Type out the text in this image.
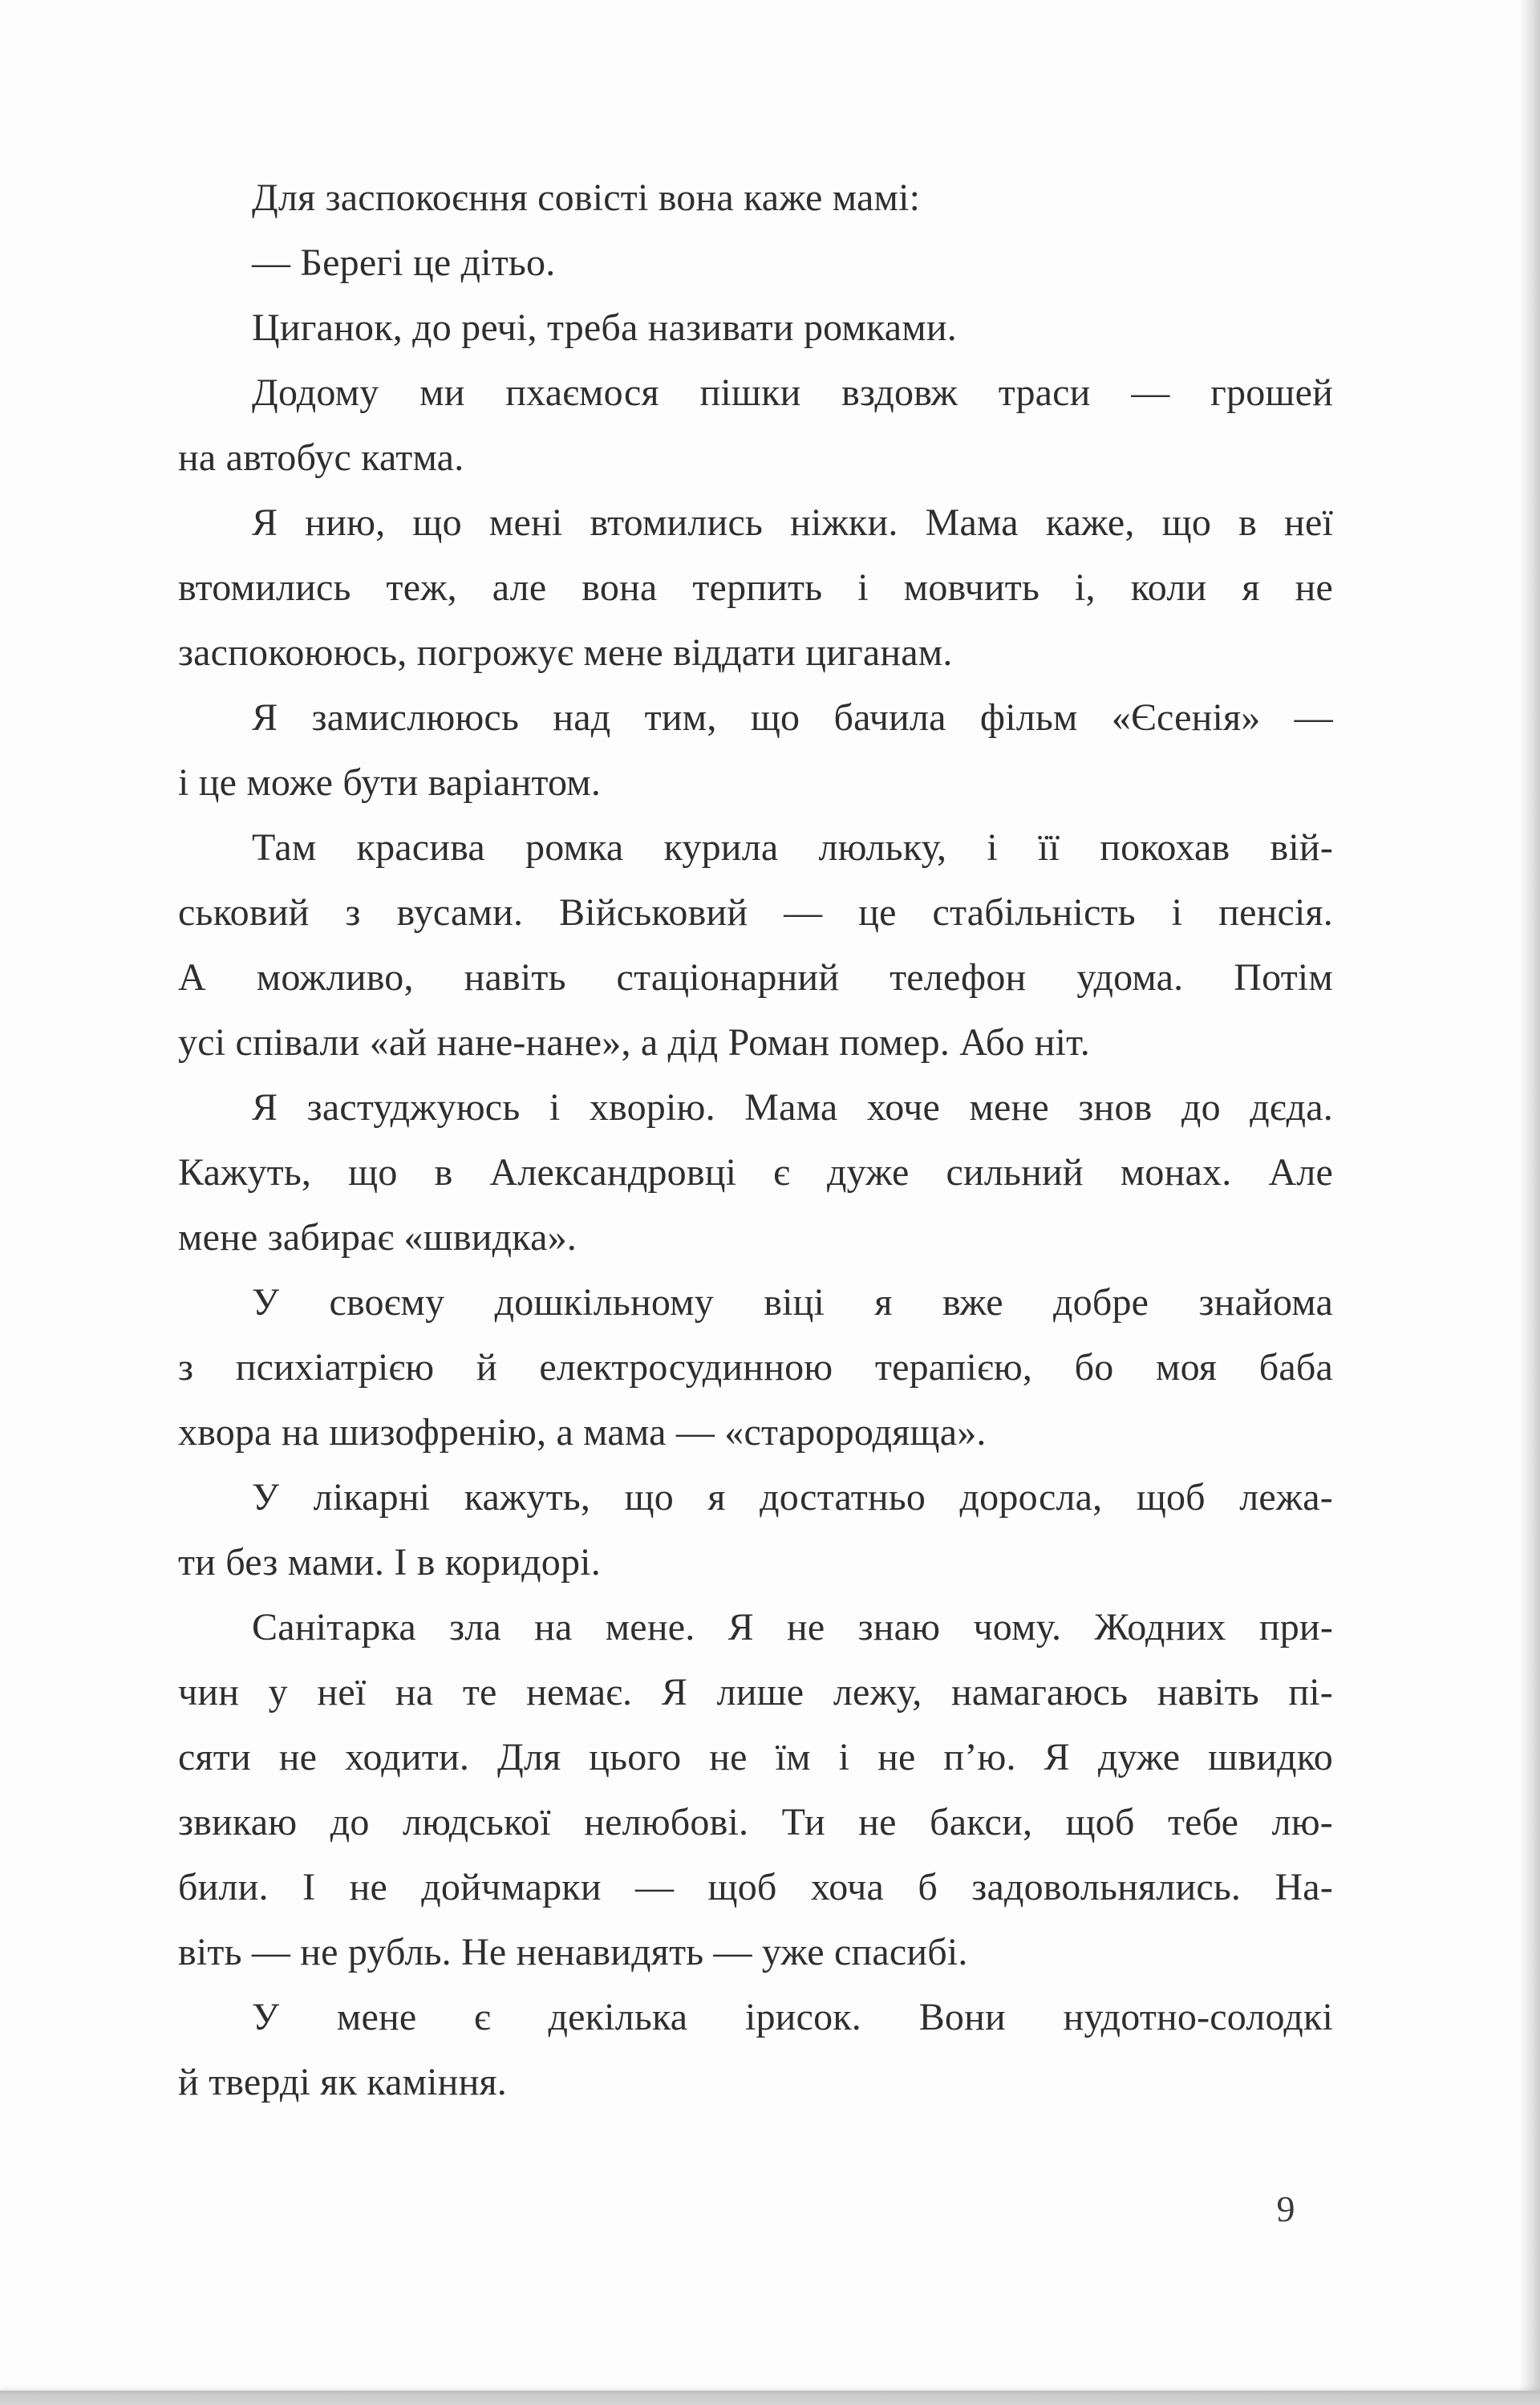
Для заспокоєння совісті вона каже мамі:
— Берегі це дітьо.
Циганок, до речі, треба називати ромками.
Додому ми пхаємося пішки вздовж траси — грошей
на автобус катма.
Я нию, що мені втомились ніжки. Мама каже, що в неї
втомились теж, але вона терпить і мовчить і, коли я не
заспокоююсь, погрожує мене віддати циганам.
Я замислююсь над тим, що бачила фільм «Єсенія» —
і це може бути варіантом.
Там красива ромка курила люльку, і її покохав вій-
ськовий з вусами. Військовий — це стабільність і пенсія.
А можливо, навіть стаціонарний телефон удома. Потім
усі співали «ай нане-нане», а дід Роман помер. Або ніт.
Я застуджуюсь і хворію. Мама хоче мене знов до дєда.
Кажуть, що в Александровці є дуже сильний монах. Але
мене забирає «швидка».
У своєму дошкільному віці я вже добре знайома
з психіатрією й електросудинною терапією, бо моя баба
хвора на шизофренію, а мама — «старородяща».
У лікарні кажуть, що я достатньо доросла, щоб лежа-
ти без мами. І в коридорі.
Санітарка зла на мене. Я не знаю чому. Жодних при-
чин у неї на те немає. Я лише лежу, намагаюсь навіть пі-
сяти не ходити. Для цього не їм і не п’ю. Я дуже швидко
звикаю до людської нелюбові. Ти не бакси, щоб тебе лю-
били. І не дойчмарки — щоб хоча б задовольнялись. На-
віть — не рубль. Не ненавидять — уже спасибі.
У мене є декілька ірисок. Вони нудотно-солодкі
й тверді як каміння.
9
